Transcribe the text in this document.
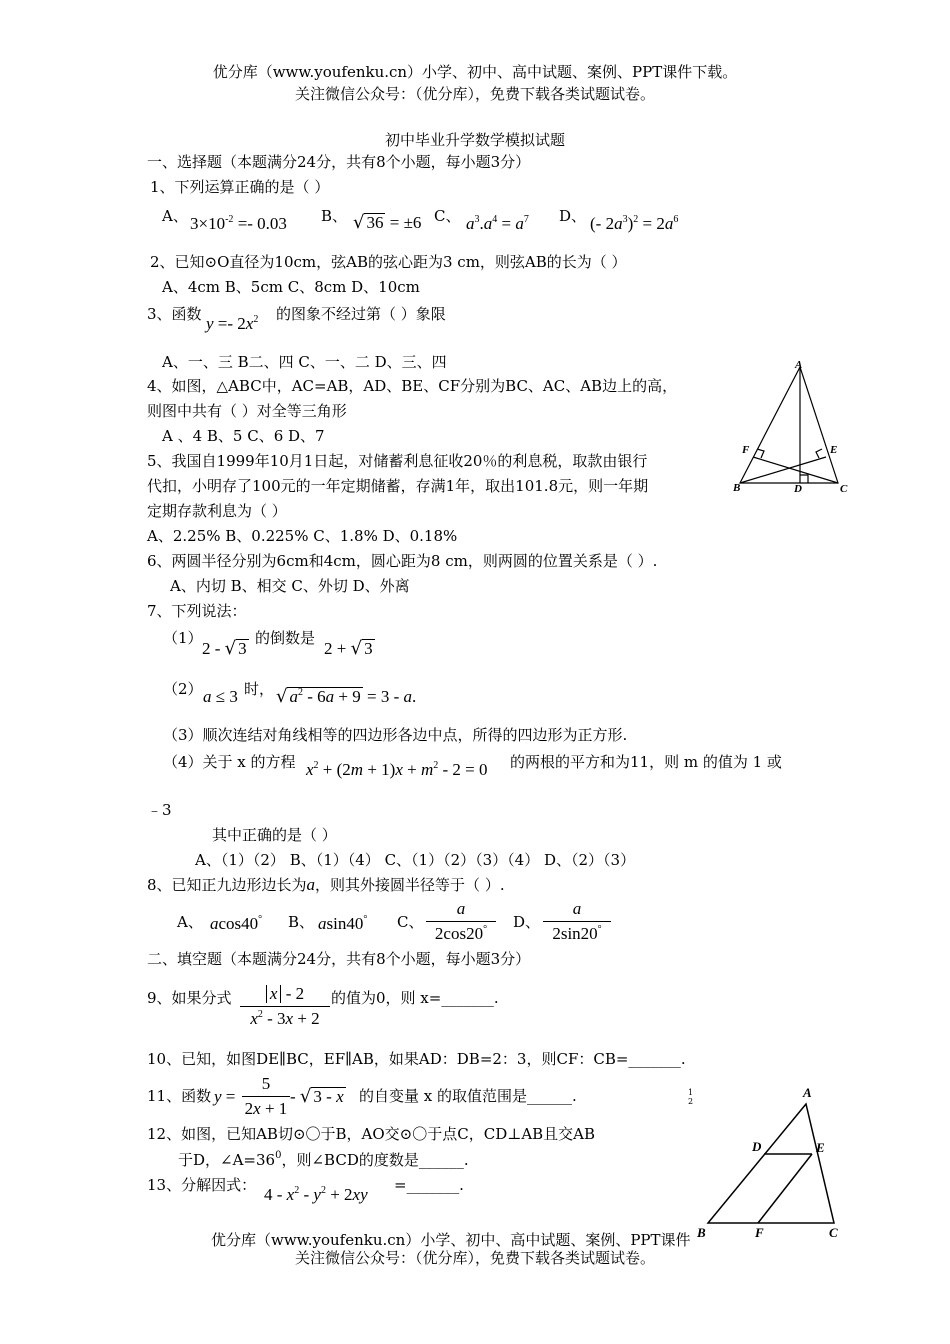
优分库（www.youfenku.cn）小学、初中、高中试题、案例、PPT课件下载。
关注微信公众号：（优分库），免费下载各类试题试卷。
初中毕业升学数学模拟试题
一、选择题（本题满分24分，共有8个小题，每小题3分）
1、下列运算正确的是（ ）
A、 $3\times 10^{-2} =- 0.03$ B、 √ 36 = ±6 C、 $a^3.a^4 = a^7$ D、 (- $2a^3)^2 = 2a^6$
2、已知⊙O直径为10cm，弦AB的弦心距为3 cm，则弦AB的长为（ ）
A、4cm B、5cm C、8cm D、10cm
3、函数 $y =- 2x^2$ 的图象不经过第（ ）象限
A、一、三 B二、四 C、一、二 D、三、四
4、如图，△ABC中，AC=AB，AD、BE、CF分别为BC、AC、AB边上的高，
则图中共有（ ）对全等三角形
A 、4 B、5 C、6 D、7
A
B	C
D
E
F
5、我国自1999年10月1日起，对储蓄利息征收20％的利息税，取款由银行
代扣，小明存了100元的一年定期储蓄，存满1年，取出101.8元，则一年期
定期存款利息为（ ）
A、2.25% B、0.225% C、1.8% D、0.18%
6、两圆半径分别为6cm和4cm，圆心距为8 cm，则两圆的位置关系是（ ）.
A、内切 B、相交 C、外切 D、外离
7、下列说法：
（1）
2 - √ 3
的倒数是
2 + √ 3
（2） a ≤ 3 时， √ $a^2 - 6a + 9 = 3 - a$.
（3）顺次连结对角线相等的四边形各边中点，所得的四边形为正方形.
（4）关于 x 的方程 $x^2 + (2m + 1)x + m^2 - 2 = 0$ 的两根的平方和为11，则 m 的值为 1 或
﹣3
其中正确的是（ ）
A、（1）（2） B、（1）（4） C、（1）（2）（3）（4） D、（2）（3）
8、已知正九边形边长为a，则其外接圆半径等于（ ）.
A、 acos40° B、 asin40° C、
a
2cos20°	D、
a
2sin20°
二、填空题（本题满分24分，共有8个小题，每小题3分）
9、如果分式	x - 2
$x^2 - 3x + 2$
的值为0，则 x=_______.
10、已知，如图DE∥BC，EF∥AB，如果AD：DB=2：3，则CF：CB=_______.
11、函数 y =
5
2x + 1
- √ 3 - x 的自变量 x 的取值范围是______.
12、如图，已知AB切⊙〇于B，AO交⊙〇于点C，CD⊥AB且交AB
于D，$\angle A=36^0$，则∠BCD的度数是______.
13、分解因式： $4 - x^2 - y^2 + 2xy$ =_______.
1
2
A
D	E
B	F	C
优分库（www.youfenku.cn）小学、初中、高中试题、案例、PPT课件
关注微信公众号：（优分库），免费下载各类试题试卷。
